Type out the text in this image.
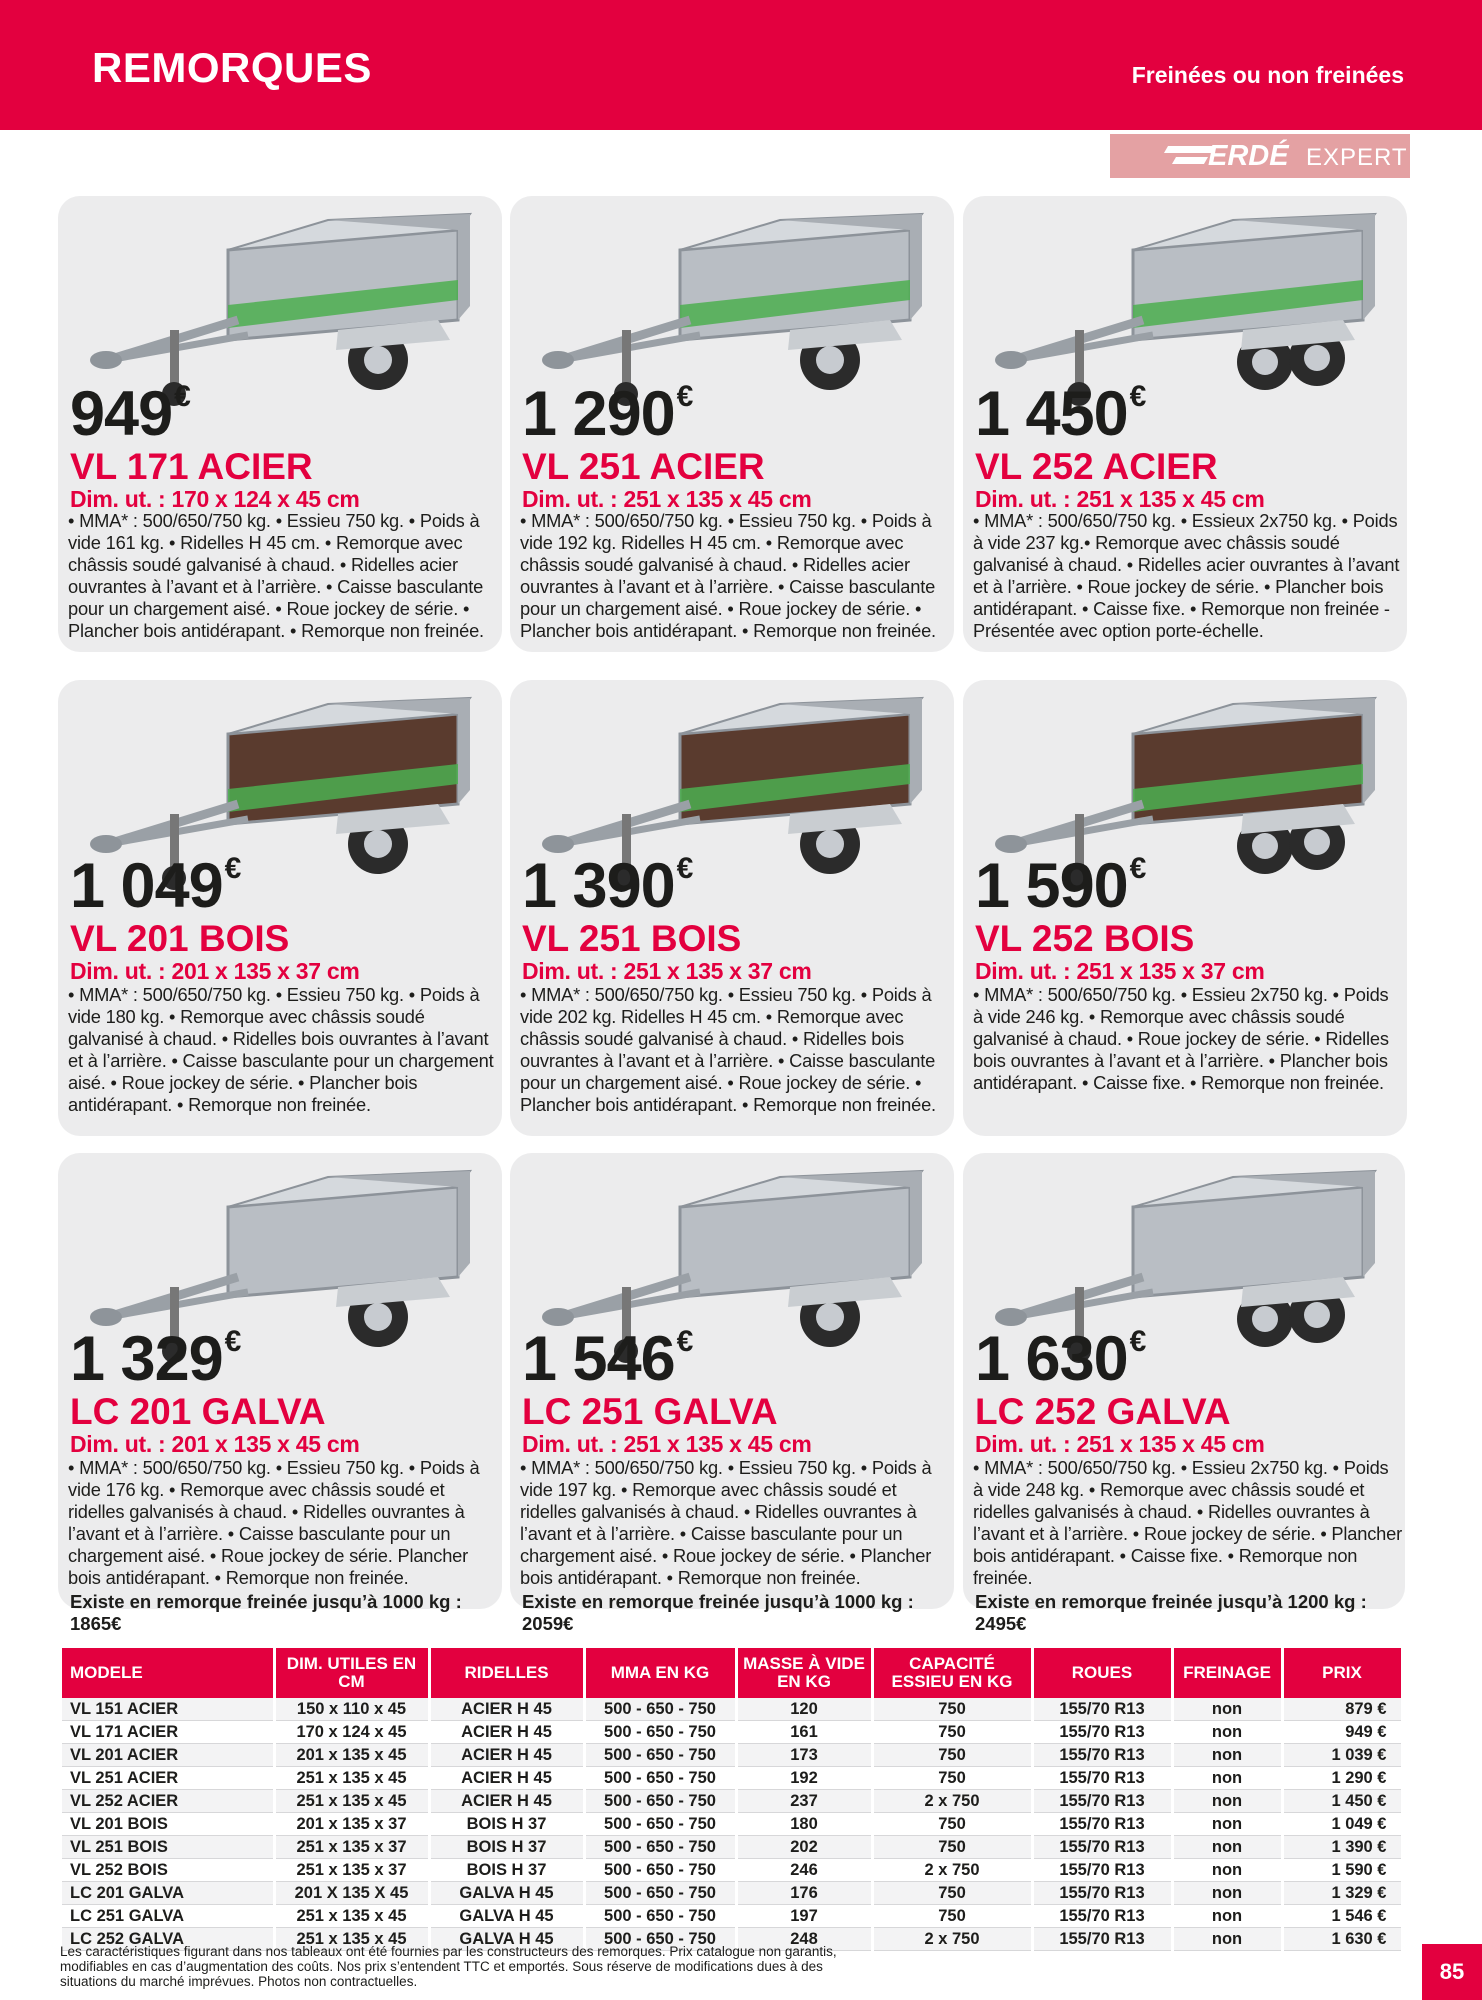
REMORQUES	Freinées ou non freinées
ERDÉ EXPERT
949€
VL 171 ACIER
Dim. ut. : 170 x 124 x 45 cm
• MMA* : 500/650/750 kg. • Essieu 750 kg. • Poids à vide 161 kg. • Ridelles H 45 cm. • Remorque avec châssis soudé galvanisé à chaud. • Ridelles acier ouvrantes à l’avant et à l’arrière. • Caisse basculante pour un chargement aisé. • Roue jockey de série. • Plancher bois antidérapant. • Remorque non freinée.
1 290€
VL 251 ACIER
Dim. ut. : 251 x 135 x 45 cm
• MMA* : 500/650/750 kg. • Essieu 750 kg. • Poids à vide 192 kg. Ridelles H 45 cm. • Remorque avec châssis soudé galvanisé à chaud. • Ridelles acier ouvrantes à l’avant et à l’arrière. • Caisse basculante pour un chargement aisé. • Roue jockey de série. • Plancher bois antidérapant. • Remorque non freinée.
1 450€
VL 252 ACIER
Dim. ut. : 251 x 135 x 45 cm
• MMA* : 500/650/750 kg. • Essieux 2x750 kg. • Poids à vide 237 kg.• Remorque avec châssis soudé galvanisé à chaud. • Ridelles acier ouvrantes à l’avant et à l’arrière. • Roue jockey de série. • Plancher bois antidérapant. • Caisse fixe. • Remorque non freinée - Présentée avec option porte-échelle.
1 049€
VL 201 BOIS
Dim. ut. : 201 x 135 x 37 cm
• MMA* : 500/650/750 kg. • Essieu 750 kg. • Poids à vide 180 kg. • Remorque avec châssis soudé galvanisé à chaud. • Ridelles bois ouvrantes à l’avant et à l’arrière. • Caisse basculante pour un chargement aisé. • Roue jockey de série. • Plancher bois antidérapant. • Remorque non freinée.
1 390€
VL 251 BOIS
Dim. ut. : 251 x 135 x 37 cm
• MMA* : 500/650/750 kg. • Essieu 750 kg. • Poids à vide 202 kg. Ridelles H 45 cm. • Remorque avec châssis soudé galvanisé à chaud. • Ridelles bois ouvrantes à l’avant et à l’arrière. • Caisse basculante pour un chargement aisé. • Roue jockey de série. • Plancher bois antidérapant. • Remorque non freinée.
1 590€
VL 252 BOIS
Dim. ut. : 251 x 135 x 37 cm
• MMA* : 500/650/750 kg. • Essieu 2x750 kg. • Poids à vide 246 kg. • Remorque avec châssis soudé galvanisé à chaud. • Roue jockey de série. • Ridelles bois ouvrantes à l’avant et à l’arrière. • Plancher bois antidérapant. • Caisse fixe. • Remorque non freinée.
1 329€
LC 201 GALVA
Dim. ut. : 201 x 135 x 45 cm
• MMA* : 500/650/750 kg. • Essieu 750 kg. • Poids à vide 176 kg. • Remorque avec châssis soudé et ridelles galvanisés à chaud. • Ridelles ouvrantes à l’avant et à l’arrière. • Caisse basculante pour un chargement aisé. • Roue jockey de série. Plancher bois antidérapant. • Remorque non freinée.
Existe en remorque freinée jusqu’à 1000 kg : 1865€
1 546€
LC 251 GALVA
Dim. ut. : 251 x 135 x 45 cm
• MMA* : 500/650/750 kg. • Essieu 750 kg. • Poids à vide 197 kg. • Remorque avec châssis soudé et ridelles galvanisés à chaud. • Ridelles ouvrantes à l’avant et à l’arrière. • Caisse basculante pour un chargement aisé. • Roue jockey de série. • Plancher bois antidérapant. • Remorque non freinée.
Existe en remorque freinée jusqu’à 1000 kg : 2059€
1 630€
LC 252 GALVA
Dim. ut. : 251 x 135 x 45 cm
• MMA* : 500/650/750 kg. • Essieu 2x750 kg. • Poids à vide 248 kg. • Remorque avec châssis soudé et ridelles galvanisés à chaud. • Ridelles ouvrantes à l’avant et à l’arrière. • Roue jockey de série. • Plancher bois antidérapant. • Caisse fixe. • Remorque non freinée.
Existe en remorque freinée jusqu’à 1200 kg : 2495€
MODELE	DIM. UTILES EN CM	RIDELLES	MMA EN KG	MASSE À VIDE EN KG	CAPACITÉ ESSIEU EN KG	ROUES	FREINAGE	PRIX
VL 151 ACIER	150 x 110 x 45	ACIER H 45	500 - 650 - 750	120	750	155/70 R13	non	879 €
VL 171 ACIER	170 x 124 x 45	ACIER H 45	500 - 650 - 750	161	750	155/70 R13	non	949 €
VL 201 ACIER	201 x 135 x 45	ACIER H 45	500 - 650 - 750	173	750	155/70 R13	non	1 039 €
VL 251 ACIER	251 x 135 x 45	ACIER H 45	500 - 650 - 750	192	750	155/70 R13	non	1 290 €
VL 252 ACIER	251 x 135 x 45	ACIER H 45	500 - 650 - 750	237	2 x 750	155/70 R13	non	1 450 €
VL 201 BOIS	201 x 135 x 37	BOIS H 37	500 - 650 - 750	180	750	155/70 R13	non	1 049 €
VL 251 BOIS	251 x 135 x 37	BOIS H 37	500 - 650 - 750	202	750	155/70 R13	non	1 390 €
VL 252 BOIS	251 x 135 x 37	BOIS H 37	500 - 650 - 750	246	2 x 750	155/70 R13	non	1 590 €
LC 201 GALVA	201 X 135 X 45	GALVA H 45	500 - 650 - 750	176	750	155/70 R13	non	1 329 €
LC 251 GALVA	251 x 135 x 45	GALVA H 45	500 - 650 - 750	197	750	155/70 R13	non	1 546 €
LC 252 GALVA	251 x 135 x 45	GALVA H 45	500 - 650 - 750	248	2 x 750	155/70 R13	non	1 630 €
Les caractéristiques figurant dans nos tableaux ont été fournies par les constructeurs des remorques. Prix catalogue non garantis, modifiables en cas d’augmentation des coûts. Nos prix s’entendent TTC et emportés. Sous réserve de modifications dues à des situations du marché imprévues. Photos non contractuelles.	85
